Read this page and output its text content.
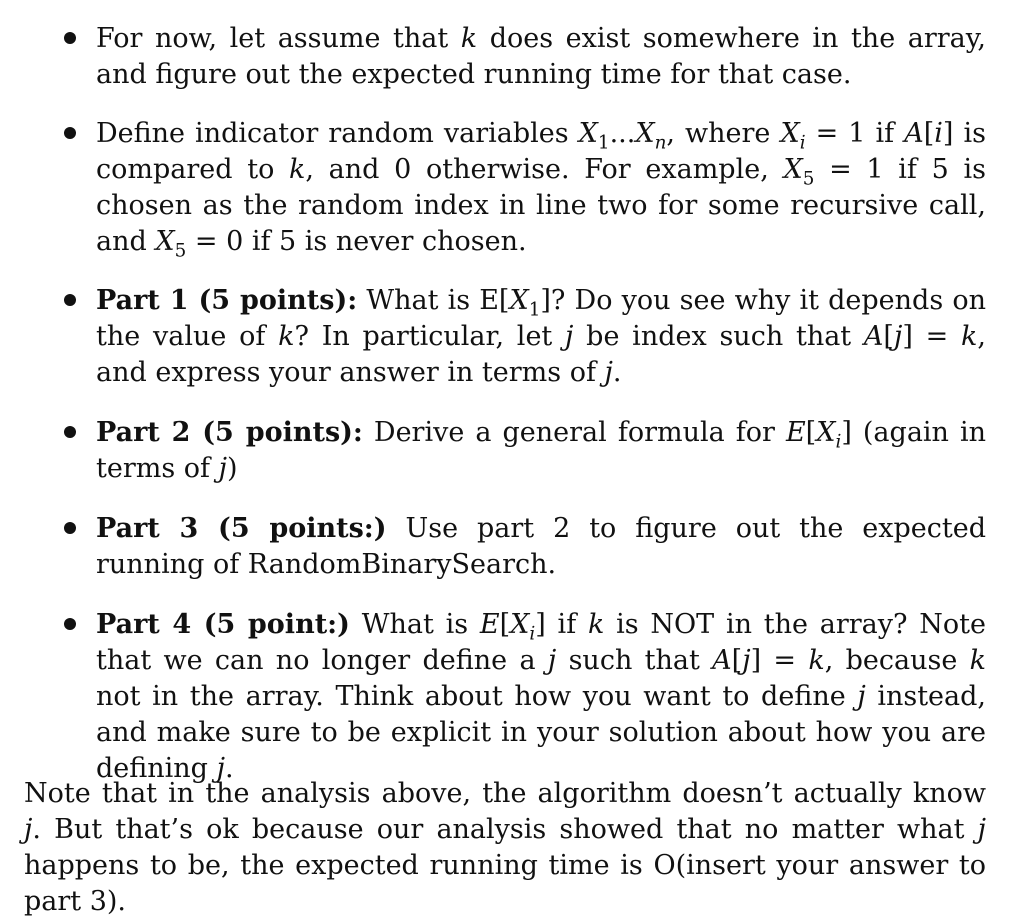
For now, let assume that k does exist somewhere in the array, and figure out the expected running time for that case.
Define indicator random variables $X_1...X_n$, where $X_i = 1$ if A[i] is compared to k, and 0 otherwise. For example, $X_5 = 1$ if 5 is chosen as the random index in line two for some recursive call, and $X_5 = 0$ if 5 is never chosen.
Part 1 (5 points): What is $E[X_1]$? Do you see why it depends on the value of k? In particular, let j be index such that A[j] = k, and express your answer in terms of j.
Part 2 (5 points): Derive a general formula for $E[X_i]$ (again in terms of j)
Part 3 (5 points:) Use part 2 to figure out the expected running of RandomBinarySearch.
Part 4 (5 point:) What is $E[X_i]$ if k is NOT in the array? Note that we can no longer define a j such that A[j] = k, because k not in the array. Think about how you want to define j instead, and make sure to be explicit in your solution about how you are defining j.

Note that in the analysis above, the algorithm doesn’t actually know j. But that’s ok because our analysis showed that no matter what j happens to be, the expected running time is O(insert your answer to part 3).
